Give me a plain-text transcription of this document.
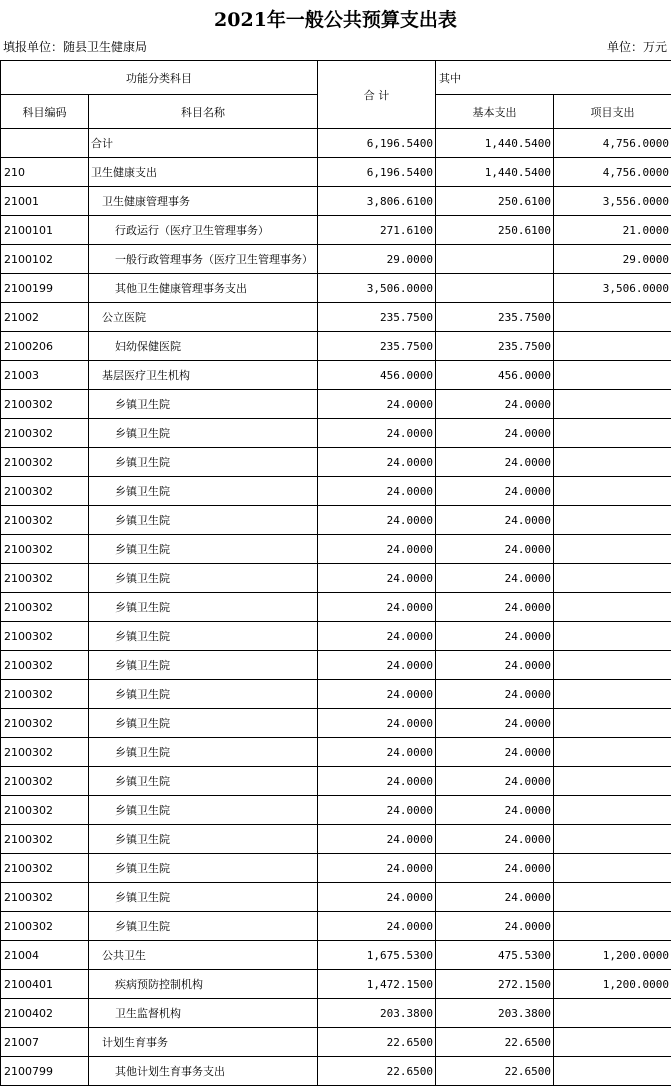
2021年一般公共预算支出表
填报单位：随县卫生健康局	单位：万元
功能分类科目		合 计	其中	
科目编码	科目名称		基本支出	项目支出
	合计	6,196.5400	1,440.5400	4,756.0000
210	卫生健康支出	6,196.5400	1,440.5400	4,756.0000
21001	卫生健康管理事务	3,806.6100	250.6100	3,556.0000
2100101	行政运行（医疗卫生管理事务）	271.6100	250.6100	21.0000
2100102	一般行政管理事务（医疗卫生管理事务）	29.0000		29.0000
2100199	其他卫生健康管理事务支出	3,506.0000		3,506.0000
21002	公立医院	235.7500	235.7500	
2100206	妇幼保健医院	235.7500	235.7500	
21003	基层医疗卫生机构	456.0000	456.0000	
2100302	乡镇卫生院	24.0000	24.0000	
2100302	乡镇卫生院	24.0000	24.0000	
2100302	乡镇卫生院	24.0000	24.0000	
2100302	乡镇卫生院	24.0000	24.0000	
2100302	乡镇卫生院	24.0000	24.0000	
2100302	乡镇卫生院	24.0000	24.0000	
2100302	乡镇卫生院	24.0000	24.0000	
2100302	乡镇卫生院	24.0000	24.0000	
2100302	乡镇卫生院	24.0000	24.0000	
2100302	乡镇卫生院	24.0000	24.0000	
2100302	乡镇卫生院	24.0000	24.0000	
2100302	乡镇卫生院	24.0000	24.0000	
2100302	乡镇卫生院	24.0000	24.0000	
2100302	乡镇卫生院	24.0000	24.0000	
2100302	乡镇卫生院	24.0000	24.0000	
2100302	乡镇卫生院	24.0000	24.0000	
2100302	乡镇卫生院	24.0000	24.0000	
2100302	乡镇卫生院	24.0000	24.0000	
2100302	乡镇卫生院	24.0000	24.0000	
21004	公共卫生	1,675.5300	475.5300	1,200.0000
2100401	疾病预防控制机构	1,472.1500	272.1500	1,200.0000
2100402	卫生监督机构	203.3800	203.3800	
21007	计划生育事务	22.6500	22.6500	
2100799	其他计划生育事务支出	22.6500	22.6500	
